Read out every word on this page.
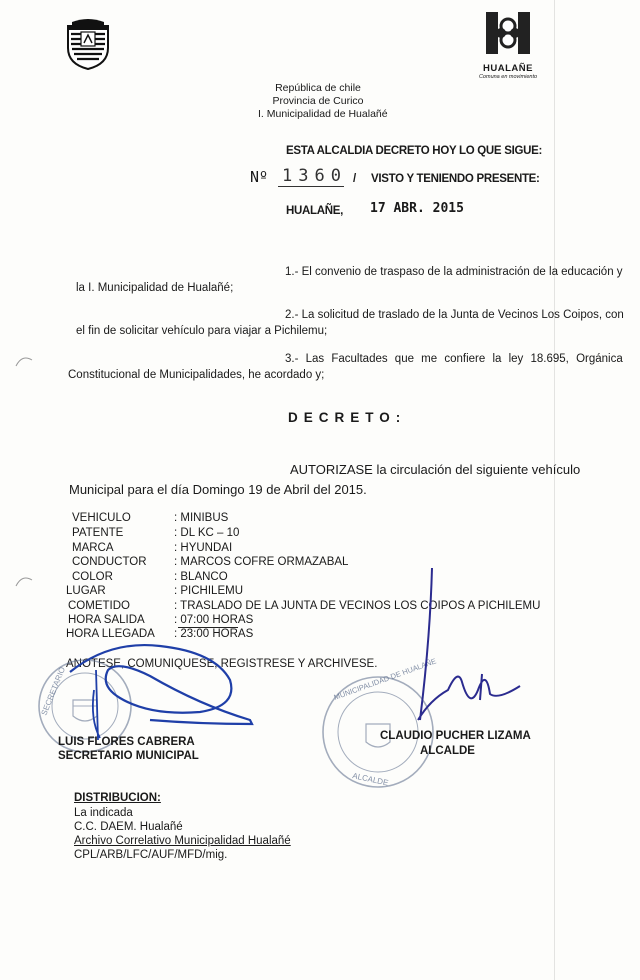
HUALAÑE
Comuna en movimiento
República de chile
Provincia de Curico
I. Municipalidad de Hualañé
ESTA ALCALDIA DECRETO HOY LO QUE SIGUE:
Nº 1360 / VISTO Y TENIENDO PRESENTE:
HUALAÑE, 17 ABR. 2015
1.- El convenio de traspaso de la administración de la educación y
la I. Municipalidad de Hualañé;
2.- La solicitud de traslado de la Junta de Vecinos Los Coipos, con
el fin de solicitar vehículo para viajar a Pichilemu;
3.- Las Facultades que me confiere la ley 18.695, Orgánica
Constitucional de Municipalidades, he acordado y;
DECRETO:
AUTORIZASE la circulación del siguiente vehículo
Municipal para el día Domingo 19 de Abril del 2015.
VEHICULO	: MINIBUS
PATENTE	: DL KC – 10
MARCA	: HYUNDAI
CONDUCTOR : MARCOS COFRE ORMAZABAL
COLOR	: BLANCO
LUGAR	: PICHILEMU
COMETIDO	: TRASLADO DE LA JUNTA DE VECINOS LOS COIPOS A PICHILEMU
HORA SALIDA	: 07:00 HORAS
HORA LLEGADA : 23:00 HORAS
ANOTESE, COMUNIQUESE, REGISTRESE Y ARCHIVESE.
SECRETARIO	MUNICIPALIDAD DE HUALAÑE
ALCALDE
LUIS FLORES CABRERA
SECRETARIO MUNICIPAL
CLAUDIO PUCHER LIZAMA
ALCALDE
DISTRIBUCION:
La indicada
C.C. DAEM. Hualañé
Archivo Correlativo Municipalidad Hualañé
CPL/ARB/LFC/AUF/MFD/mig.
